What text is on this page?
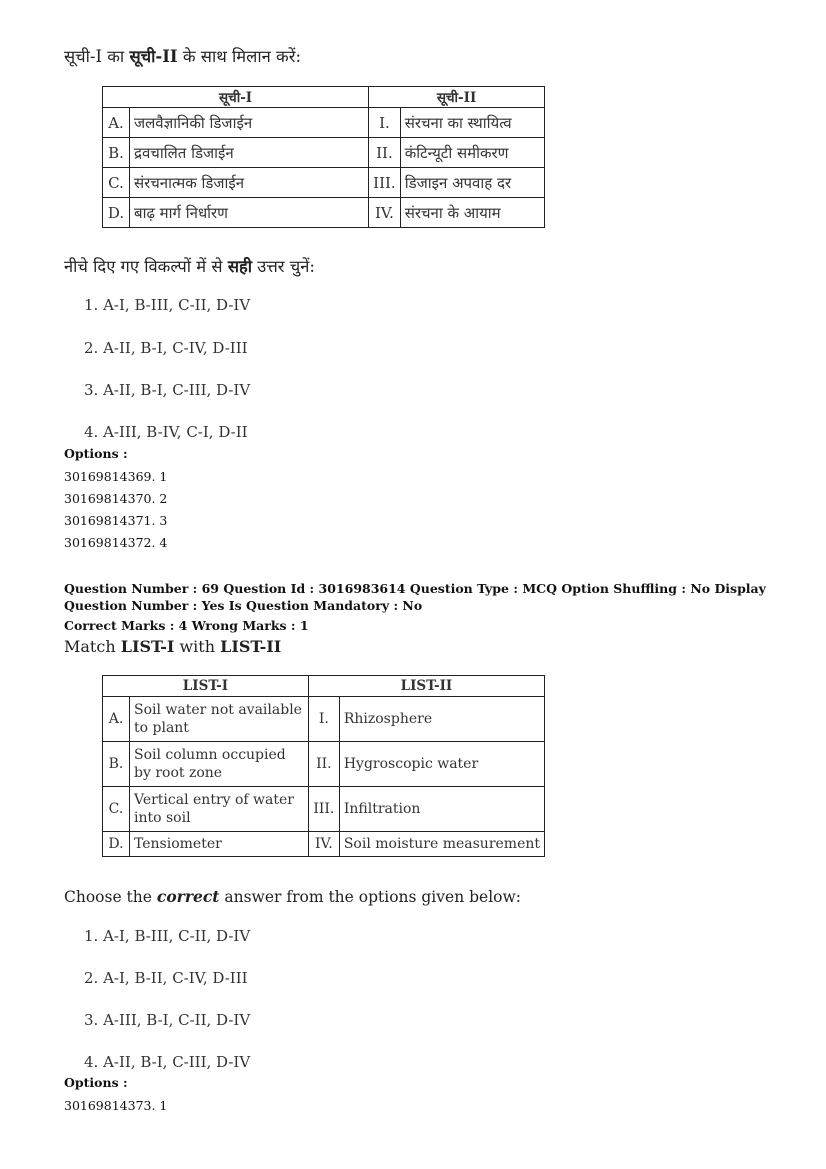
सूची-I का सूची-II के साथ मिलान करें:
सूची-I		सूची-II	
A.	जलवैज्ञानिकी डिजाईन	I.	संरचना का स्थायित्व
B.	द्रवचालित डिजाईन	II.	कंटिन्यूटी समीकरण
C.	संरचनात्मक डिजाईन	III.	डिजाइन अपवाह दर
D.	बाढ़ मार्ग निर्धारण	IV.	संरचना के आयाम
नीचे दिए गए विकल्पों में से सही उत्तर चुनें:
1. A-I, B-III, C-II, D-IV
2. A-II, B-I, C-IV, D-III
3. A-II, B-I, C-III, D-IV
4. A-III, B-IV, C-I, D-II
Options :
30169814369. 1
30169814370. 2
30169814371. 3
30169814372. 4
Question Number : 69 Question Id : 3016983614 Question Type : MCQ Option Shuffling : No Display Question Number : Yes Is Question Mandatory : No
Correct Marks : 4 Wrong Marks : 1
Match LIST-I with LIST-II
LIST-I		LIST-II	
A.	Soil water not available to plant	I.	Rhizosphere
B.	Soil column occupied by root zone	II.	Hygroscopic water
C.	Vertical entry of water into soil	III.	Infiltration
D.	Tensiometer	IV.	Soil moisture measurement
Choose the correct answer from the options given below:
1. A-I, B-III, C-II, D-IV
2. A-I, B-II, C-IV, D-III
3. A-III, B-I, C-II, D-IV
4. A-II, B-I, C-III, D-IV
Options :
30169814373. 1
